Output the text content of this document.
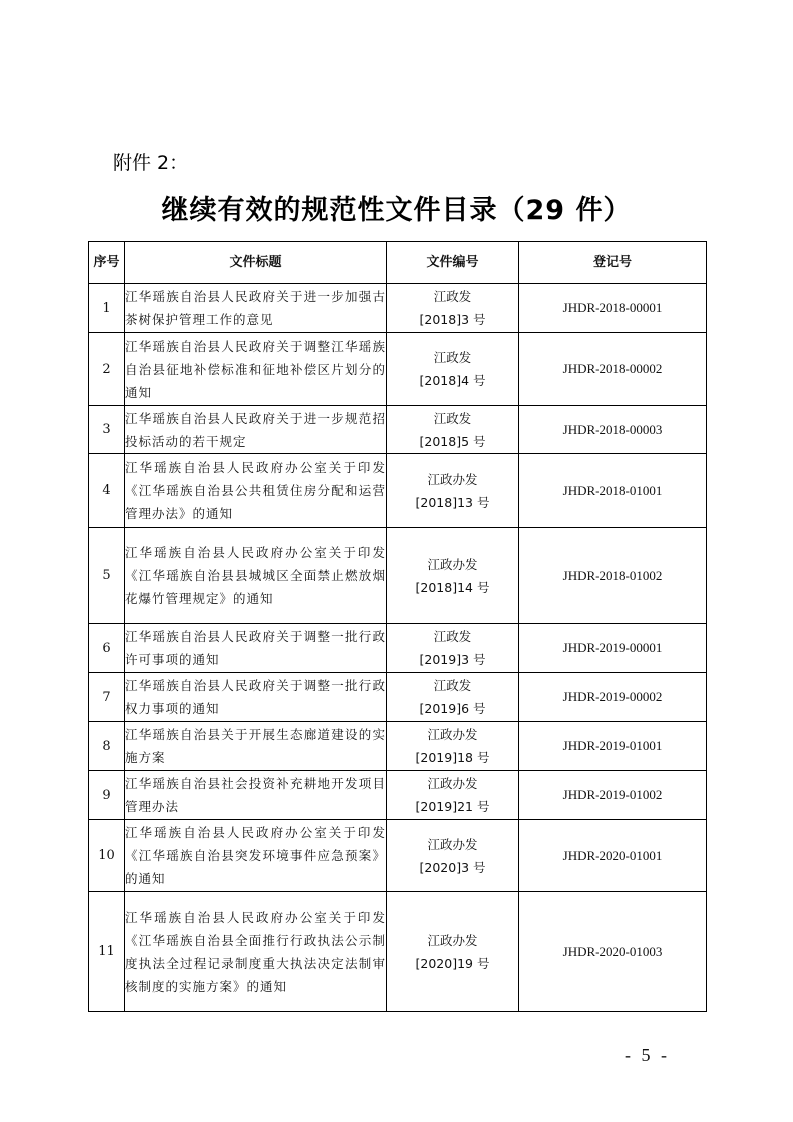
附件 2：
继续有效的规范性文件目录（29 件）
序号	文件标题	文件编号	登记号
1	江华瑶族自治县人民政府关于进一步加强古茶树保护管理工作的意见	江政发
[2018]3 号	JHDR-2018-00001
2	江华瑶族自治县人民政府关于调整江华瑶族自治县征地补偿标准和征地补偿区片划分的通知	江政发
[2018]4 号	JHDR-2018-00002
3	江华瑶族自治县人民政府关于进一步规范招投标活动的若干规定	江政发
[2018]5 号	JHDR-2018-00003
4	江华瑶族自治县人民政府办公室关于印发《江华瑶族自治县公共租赁住房分配和运营管理办法》的通知	江政办发
[2018]13 号	JHDR-2018-01001
5	江华瑶族自治县人民政府办公室关于印发《江华瑶族自治县县城城区全面禁止燃放烟花爆竹管理规定》的通知	江政办发
[2018]14 号	JHDR-2018-01002
6	江华瑶族自治县人民政府关于调整一批行政许可事项的通知	江政发
[2019]3 号	JHDR-2019-00001
7	江华瑶族自治县人民政府关于调整一批行政权力事项的通知	江政发
[2019]6 号	JHDR-2019-00002
8	江华瑶族自治县关于开展生态廊道建设的实施方案	江政办发
[2019]18 号	JHDR-2019-01001
9	江华瑶族自治县社会投资补充耕地开发项目管理办法	江政办发
[2019]21 号	JHDR-2019-01002
10	江华瑶族自治县人民政府办公室关于印发《江华瑶族自治县突发环境事件应急预案》的通知	江政办发
[2020]3 号	JHDR-2020-01001
11	江华瑶族自治县人民政府办公室关于印发《江华瑶族自治县全面推行行政执法公示制度执法全过程记录制度重大执法决定法制审核制度的实施方案》的通知	江政办发
[2020]19 号	JHDR-2020-01003
- 5 -
